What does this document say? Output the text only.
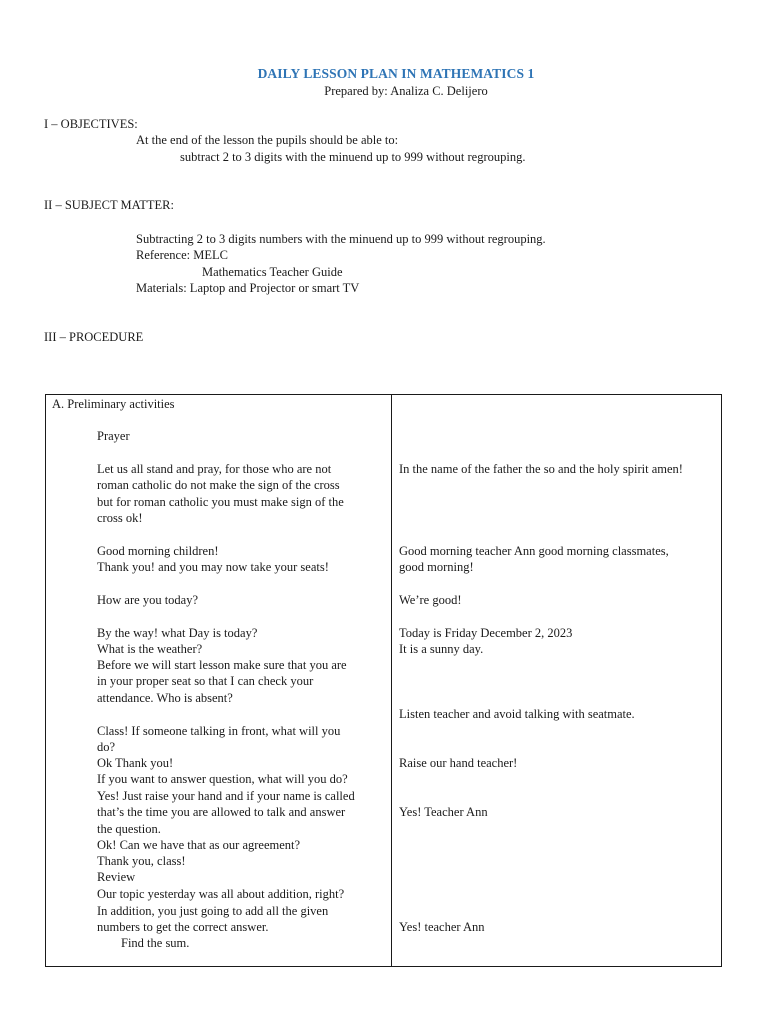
DAILY LESSON PLAN IN MATHEMATICS 1
Prepared by: Analiza C. Delijero
I – OBJECTIVES:
At the end of the lesson the pupils should be able to:
subtract 2 to 3 digits with the minuend up to 999 without regrouping.
II – SUBJECT MATTER:
Subtracting 2 to 3 digits numbers with the minuend up to 999 without regrouping.
Reference: MELC
Mathematics Teacher Guide
Materials: Laptop and Projector or smart TV
III – PROCEDURE
A. Preliminary activities
Prayer
Let us all stand and pray, for those who are not
roman catholic do not make the sign of the cross
but for roman catholic you must make sign of the
cross ok!
Good morning children!
Thank you! and you may now take your seats!
How are you today?
By the way! what Day is today?
What is the weather?
Before we will start lesson make sure that you are
in your proper seat so that I can check your
attendance. Who is absent?
Class! If someone talking in front, what will you
do?
Ok Thank you!
If you want to answer question, what will you do?
Yes! Just raise your hand and if your name is called
that’s the time you are allowed to talk and answer
the question.
Ok! Can we have that as our agreement?
Thank you, class!
Review
Our topic yesterday was all about addition, right?
In addition, you just going to add all the given
numbers to get the correct answer.
Find the sum.
In the name of the father the so and the holy spirit amen!
Good morning teacher Ann good morning classmates,
good morning!
We’re good!
Today is Friday December 2, 2023
It is a sunny day.
Listen teacher and avoid talking with seatmate.
Raise our hand teacher!
Yes! Teacher Ann
Yes! teacher Ann
